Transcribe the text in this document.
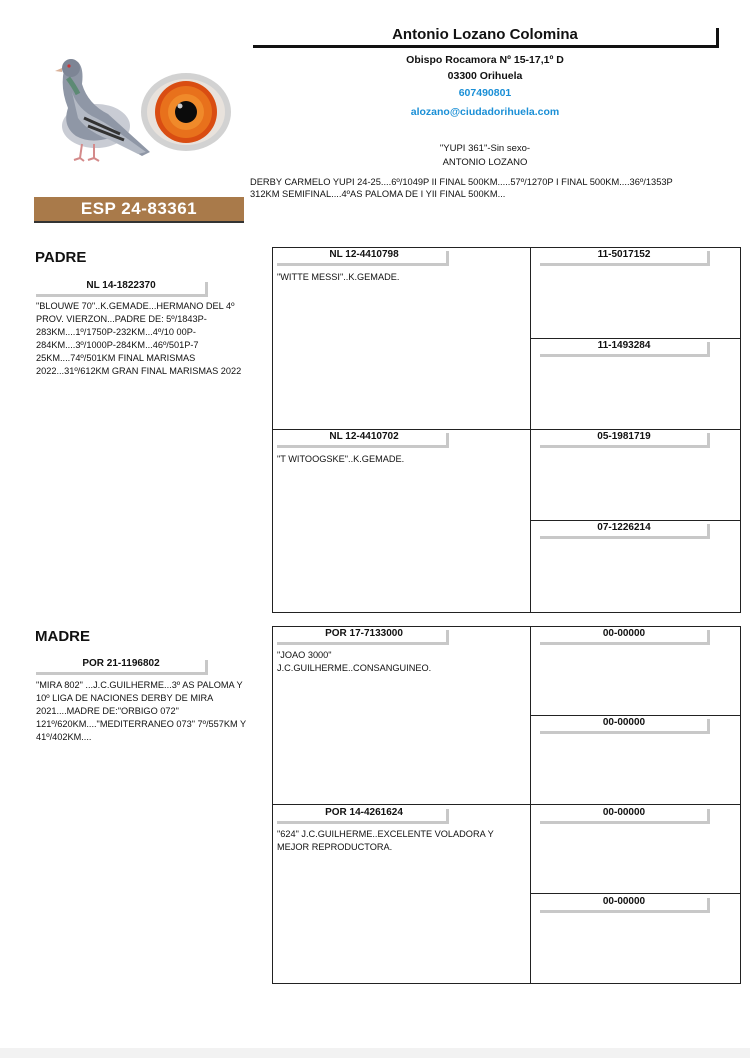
Antonio Lozano Colomina
Obispo Rocamora Nº 15-17,1º D
03300 Orihuela
607490801
alozano@ciudadorihuela.com
"YUPI 361"-Sin sexo-
ANTONIO LOZANO
DERBY CARMELO YUPI 24-25....6º/1049P II FINAL 500KM.....57º/1270P I FINAL 500KM....36º/1353P 312KM SEMIFINAL....4ºAS PALOMA DE I YII FINAL 500KM...
ESP 24-83361
PADRE
NL 14-1822370
"BLOUWE 70"..K.GEMADE...HERMANO DEL 4º PROV. VIERZON...PADRE DE: 5º/1843P-283KM....1º/1750P-232KM...4º/10 00P-284KM....3º/1000P-284KM...46º/501P-7 25KM....74º/501KM FINAL MARISMAS 2022...31º/612KM GRAN FINAL MARISMAS 2022
NL 12-4410798
"WITTE MESSI"..K.GEMADE.
NL 12-4410702
"T WITOOGSKE"..K.GEMADE.
11-5017152
11-1493284
05-1981719
07-1226214
MADRE
POR 21-1196802
"MIRA 802" ...J.C.GUILHERME...3º AS PALOMA Y 10º LIGA DE NACIONES DERBY DE MIRA 2021....MADRE DE:"ORBIGO 072" 121º/620KM...."MEDITERRANEO 073" 7º/557KM Y 41º/402KM....
POR 17-7133000
"JOAO 3000"
J.C.GUILHERME..CONSANGUINEO.
POR 14-4261624
"624" J.C.GUILHERME..EXCELENTE VOLADORA Y MEJOR REPRODUCTORA.
00-00000
00-00000
00-00000
00-00000
